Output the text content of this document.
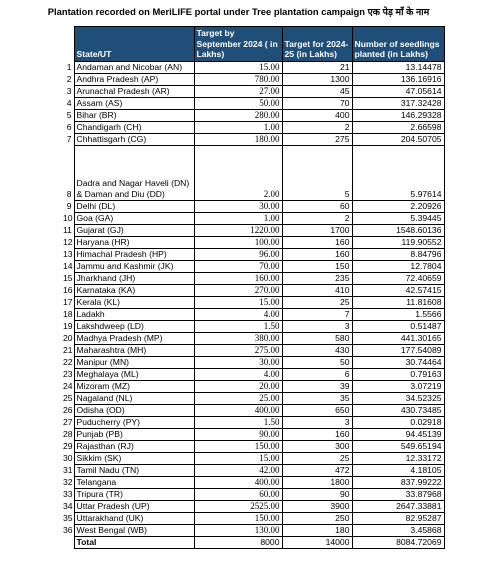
Plantation recorded on MeriLIFE portal under Tree plantation campaign एक पेड़ माँ के नाम
	State/UT	Target by September 2024 ( in Lakhs)	Target for 2024-25 (in Lakhs)	Number of seedlings planted (in Lakhs)
1	Andaman and Nicobar (AN)	15.00	21	13.14478
2	Andhra Pradesh (AP)	780.00	1300	136.16916
3	Arunachal Pradesh (AR)	27.00	45	47.05614
4	Assam (AS)	50.00	70	317.32428
5	Bihar (BR)	280.00	400	146.29328
6	Chandigarh (CH)	1.00	2	2.66598
7	Chhattisgarh (CG)	180.00	275	204.50705
8	Dadra and Nagar Haveli (DN) & Daman and Diu (DD)	2.00	5	5.97614
9	Delhi (DL)	30.00	60	2.20926
10	Goa (GA)	1.00	2	5.39445
11	Gujarat (GJ)	1220.00	1700	1548.60136
12	Haryana (HR)	100.00	160	119.90552
13	Himachal Pradesh (HP)	96.00	160	8.84796
14	Jammu and Kashmir (JK)	70.00	150	12.7804
15	Jharkhand (JH)	160.00	235	72.40659
16	Karnataka (KA)	270.00	410	42.57415
17	Kerala (KL)	15.00	25	11.81608
18	Ladakh	4.00	7	1.5566
19	Lakshdweep (LD)	1.50	3	0.51487
20	Madhya Pradesh (MP)	380.00	580	441.30165
21	Maharashtra (MH)	275.00	430	177.54089
22	Manipur (MN)	30.00	50	30.74464
23	Meghalaya (ML)	4.00	6	0.79163
24	Mizoram (MZ)	20.00	39	3.07219
25	Nagaland (NL)	25.00	35	34.52325
26	Odisha (OD)	400.00	650	430.73485
27	Puducherry (PY)	1.50	3	0.02918
28	Punjab (PB)	90.00	160	94.45139
29	Rajasthan (RJ)	150.00	300	549.65194
30	Sikkim (SK)	15.00	25	12.33172
31	Tamil Nadu (TN)	42.00	472	4.18105
32	Telangana	400.00	1800	837.99222
33	Tripura (TR)	60.00	90	33.87968
34	Uttar Pradesh (UP)	2525.00	3900	2647.33881
35	Uttarakhand (UK)	150.00	250	82.95287
36	West Bengal (WB)	130.00	180	3.45868
	Total	8000	14000	8084.72069
